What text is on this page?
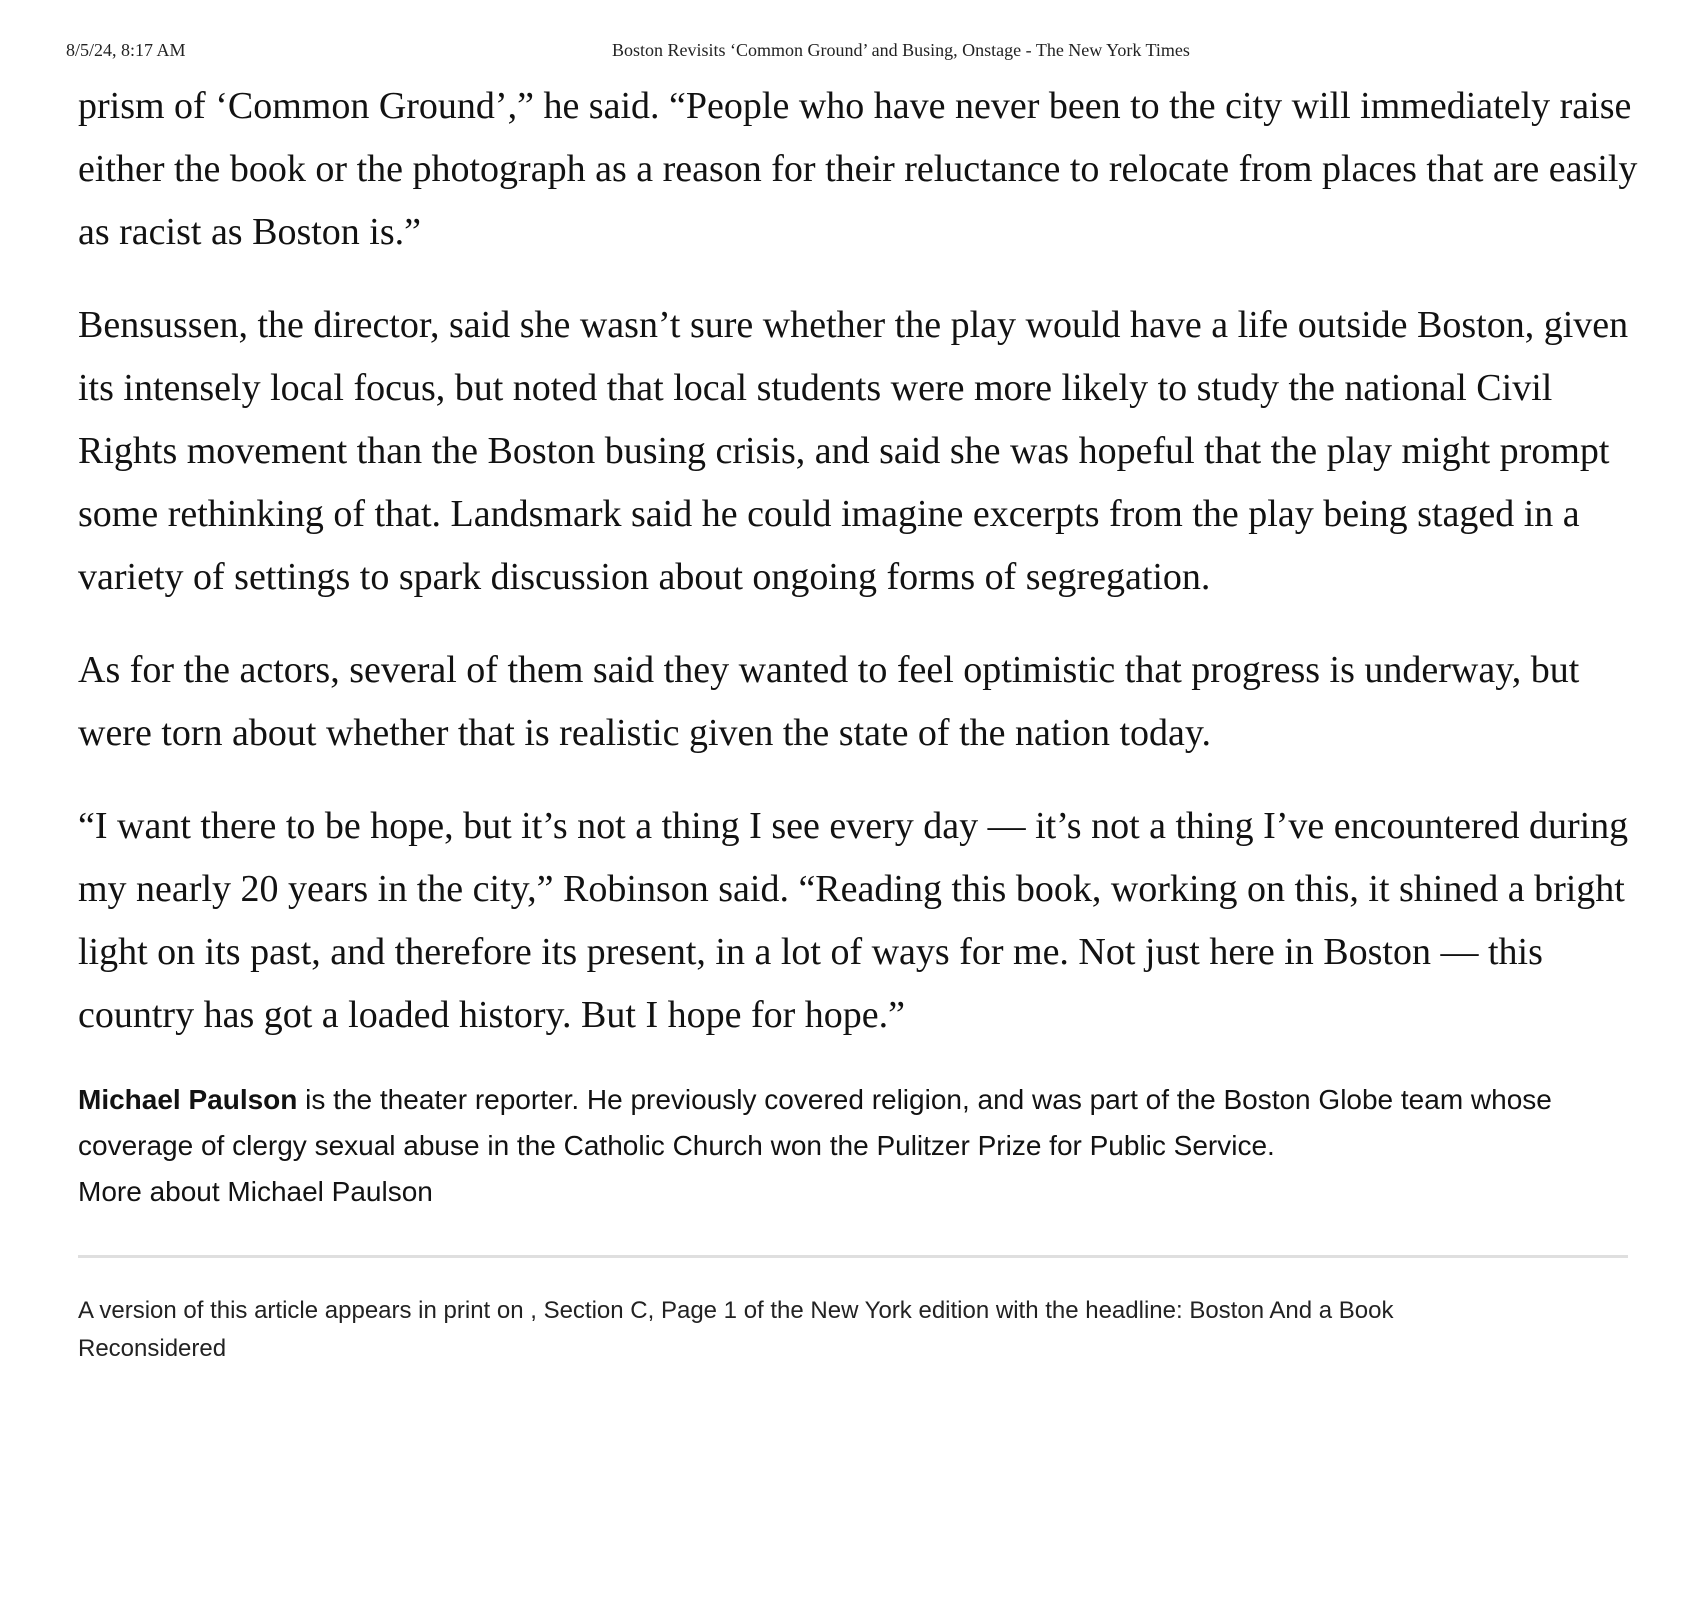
8/5/24, 8:17 AM	Boston Revisits ‘Common Ground’ and Busing, Onstage - The New York Times

prism of ‘Common Ground’,” he said. “People who have never been to the city will immediately raise either the book or the photograph as a reason for their reluctance to relocate from places that are easily as racist as Boston is.”

Bensussen, the director, said she wasn’t sure whether the play would have a life outside Boston, given its intensely local focus, but noted that local students were more likely to study the national Civil Rights movement than the Boston busing crisis, and said she was hopeful that the play might prompt some rethinking of that. Landsmark said he could imagine excerpts from the play being staged in a variety of settings to spark discussion about ongoing forms of segregation.

As for the actors, several of them said they wanted to feel optimistic that progress is underway, but were torn about whether that is realistic given the state of the nation today.

“I want there to be hope, but it’s not a thing I see every day — it’s not a thing I’ve encountered during my nearly 20 years in the city,” Robinson said. “Reading this book, working on this, it shined a bright light on its past, and therefore its present, in a lot of ways for me. Not just here in Boston — this country has got a loaded history. But I hope for hope.”

Michael Paulson is the theater reporter. He previously covered religion, and was part of the Boston Globe team whose coverage of clergy sexual abuse in the Catholic Church won the Pulitzer Prize for Public Service.
More about Michael Paulson
A version of this article appears in print on , Section C, Page 1 of the New York edition with the headline: Boston And a Book Reconsidered
